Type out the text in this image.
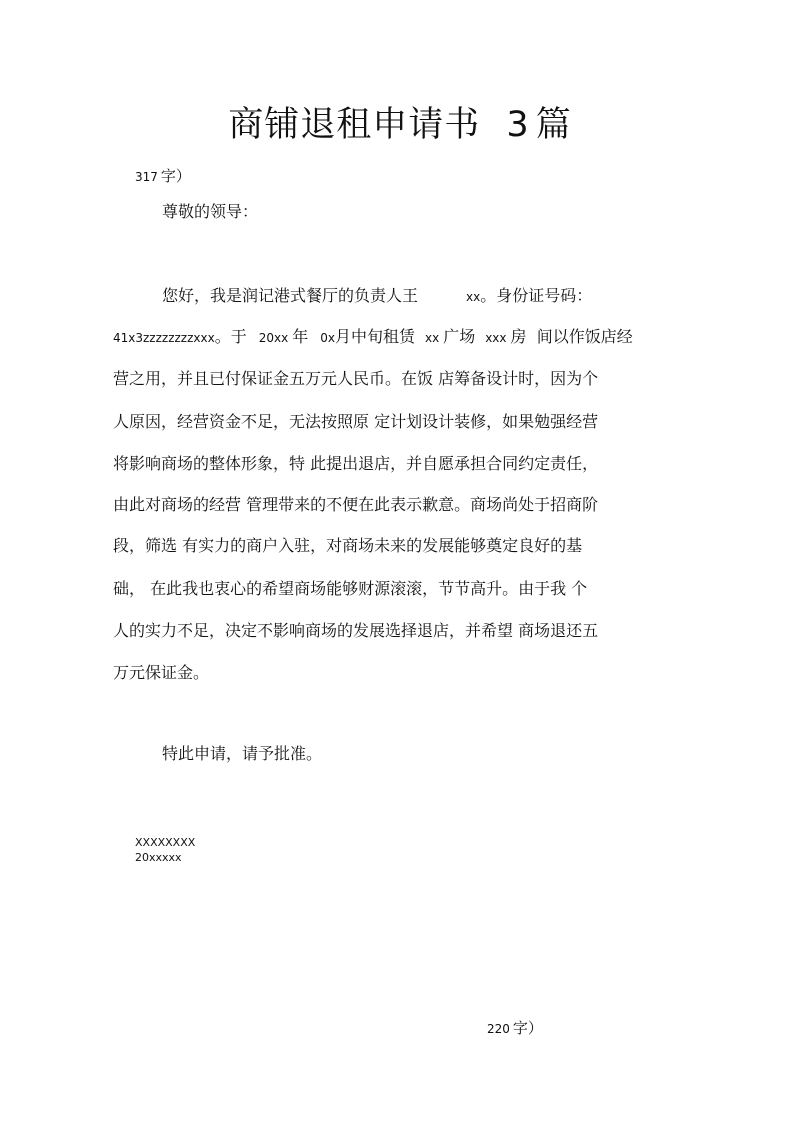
商铺退租申请书 3 篇
317 字）
尊敬的领导：
您好，我是润记港式餐厅的负责人王	xx。身份证号码：
41x3zzzzzzzzxxx。于 20xx 年 0x月中旬租赁 xx 广场 xxx 房  间以作饭店经
营之用，并且已付保证金五万元人民币。在饭 店筹备设计时，因为个
人原因，经营资金不足，无法按照原 定计划设计装修，如果勉强经营
将影响商场的整体形象，特 此提出退店，并自愿承担合同约定责任，
由此对商场的经营 管理带来的不便在此表示歉意。商场尚处于招商阶
段，筛选 有实力的商户入驻，对商场未来的发展能够奠定良好的基
础， 在此我也衷心的希望商场能够财源滚滚，节节高升。由于我 个
人的实力不足，决定不影响商场的发展选择退店，并希望 商场退还五
万元保证金。
特此申请，请予批准。
XXXXXXXX
20xxxxx
220 字）
